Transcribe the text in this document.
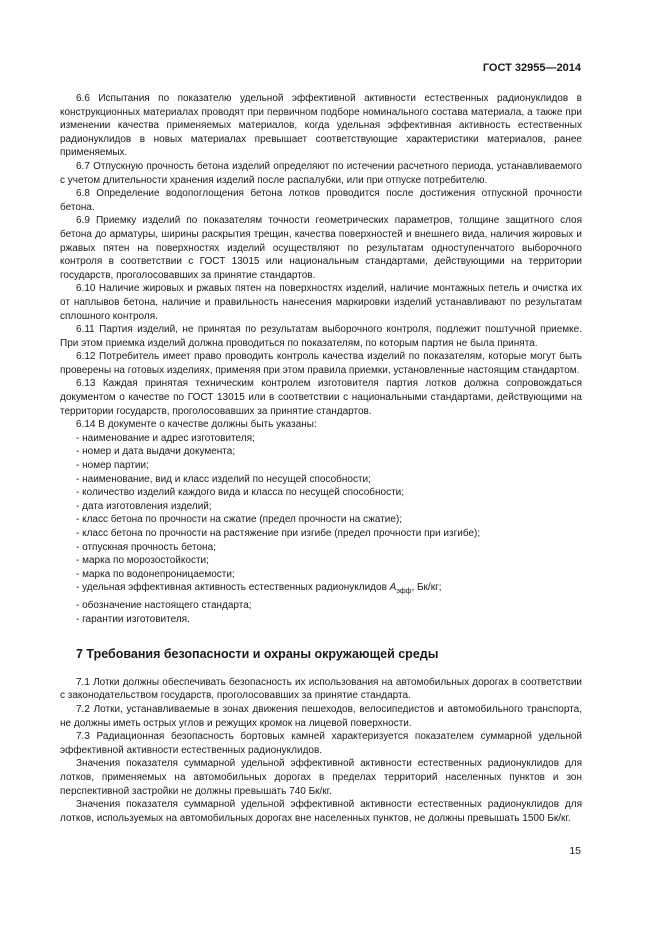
ГОСТ 32955—2014

6.6 Испытания по показателю удельной эффективной активности естественных радионуклидов в конструкционных материалах проводят при первичном подборе номинального состава материала, а также при изменении качества применяемых материалов, когда удельная эффективная активность естественных радионуклидов в новых материалах превышает соответствующие характеристики материалов, ранее применяемых.

6.7 Отпускную прочность бетона изделий определяют по истечении расчетного периода, устанавливаемого с учетом длительности хранения изделий после распалубки, или при отпуске потребителю.

6.8 Определение водопоглощения бетона лотков проводится после достижения отпускной прочности бетона.

6.9 Приемку изделий по показателям точности геометрических параметров, толщине защитного слоя бетона до арматуры, ширины раскрытия трещин, качества поверхностей и внешнего вида, наличия жировых и ржавых пятен на поверхностях изделий осуществляют по результатам одноступенчатого выборочного контроля в соответствии с ГОСТ 13015 или национальным стандартами, действующими на территории государств, проголосовавших за принятие стандартов.

6.10 Наличие жировых и ржавых пятен на поверхностях изделий, наличие монтажных петель и очистка их от наплывов бетона, наличие и правильность нанесения маркировки изделий устанавливают по результатам сплошного контроля.

6.11 Партия изделий, не принятая по результатам выборочного контроля, подлежит поштучной приемке. При этом приемка изделий должна проводиться по показателям, по которым партия не была принята.

6.12 Потребитель имеет право проводить контроль качества изделий по показателям, которые могут быть проверены на готовых изделиях, применяя при этом правила приемки, установленные настоящим стандартом.

6.13 Каждая принятая техническим контролем изготовителя партия лотков должна сопровождаться документом о качестве по ГОСТ 13015 или в соответствии с национальными стандартами, действующими на территории государств, проголосовавших за принятие стандартов.

6.14 В документе о качестве должны быть указаны:

- наименование и адрес изготовителя;
- номер и дата выдачи документа;
- номер партии;
- наименование, вид и класс изделий по несущей способности;
- количество изделий каждого вида и класса по несущей способности;
- дата изготовления изделий;
- класс бетона по прочности на сжатие (предел прочности на сжатие);
- класс бетона по прочности на растяжение при изгибе (предел прочности при изгибе);
- отпускная прочность бетона;
- марка по морозостойкости;
- марка по водонепроницаемости;
- удельная эффективная активность естественных радионуклидов $A_{эфф}$, Бк/кг;
- обозначение настоящего стандарта;
- гарантии изготовителя.
7 Требования безопасности и охраны окружающей среды

7.1 Лотки должны обеспечивать безопасность их использования на автомобильных дорогах в соответствии с законодательством государств, проголосовавших за принятие стандарта.

7.2 Лотки, устанавливаемые в зонах движения пешеходов, велосипедистов и автомобильного транспорта, не должны иметь острых углов и режущих кромок на лицевой поверхности.

7.3 Радиационная безопасность бортовых камней характеризуется показателем суммарной удельной эффективной активности естественных радионуклидов.

Значения показателя суммарной удельной эффективной активности естественных радионуклидов для лотков, применяемых на автомобильных дорогах в пределах территорий населенных пунктов и зон перспективной застройки не должны превышать 740 Бк/кг.

Значения показателя суммарной удельной эффективной активности естественных радионуклидов для лотков, используемых на автомобильных дорогах вне населенных пунктов, не должны превышать 1500 Бк/кг.

15
